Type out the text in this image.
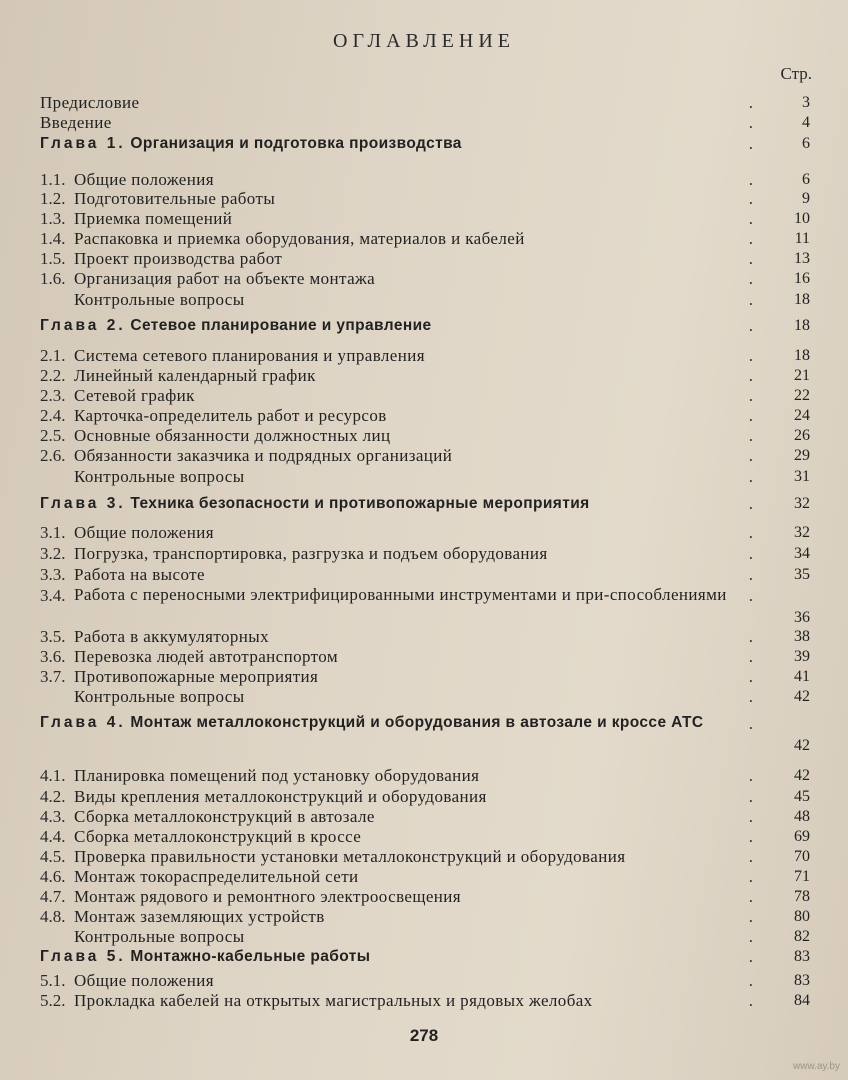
ОГЛАВЛЕНИЕ
Стр.
Предисловие	. 3
Введение	. 4
Глава 1. Организация и подготовка производства	. 6
1.1. Общие положения	. 6
1.2. Подготовительные работы	. 9
1.3. Приемка помещений	. 10
1.4. Распаковка и приемка оборудования, материалов и кабелей	. 11
1.5. Проект производства работ	. 13
1.6. Организация работ на объекте монтажа	. 16
Контрольные вопросы	. 18
Глава 2. Сетевое планирование и управление	. 18
2.1. Система сетевого планирования и управления	. 18
2.2. Линейный календарный график	. 21
2.3. Сетевой график	. 22
2.4. Карточка-определитель работ и ресурсов	. 24
2.5. Основные обязанности должностных лиц	. 26
2.6. Обязанности заказчика и подрядных организаций	. 29
Контрольные вопросы	. 31
Глава 3. Техника безопасности и противопожарные мероприятия	. 32
3.1. Общие положения	. 32
3.2. Погрузка, транспортировка, разгрузка и подъем оборудования	. 34
3.3. Работа на высоте	. 35
3.4. Работа с переносными электрифицированными инструментами и при-способлениями	.
36
3.5. Работа в аккумуляторных	. 38
3.6. Перевозка людей автотранспортом	. 39
3.7. Противопожарные мероприятия	. 41
Контрольные вопросы	. 42
Глава 4. Монтаж металлоконструкций и оборудования в автозале и кроссе АТС	.
42
4.1. Планировка помещений под установку оборудования	. 42
4.2. Виды крепления металлоконструкций и оборудования	. 45
4.3. Сборка металлоконструкций в автозале	. 48
4.4. Сборка металлоконструкций в кроссе	. 69
4.5. Проверка правильности установки металлоконструкций и оборудования	. 70
4.6. Монтаж токораспределительной сети	. 71
4.7. Монтаж рядового и ремонтного электроосвещения	. 78
4.8. Монтаж заземляющих устройств	. 80
Контрольные вопросы	. 82
Глава 5. Монтажно-кабельные работы	. 83
5.1. Общие положения	. 83
5.2. Прокладка кабелей на открытых магистральных и рядовых желобах	. 84
278
www.ay.by
